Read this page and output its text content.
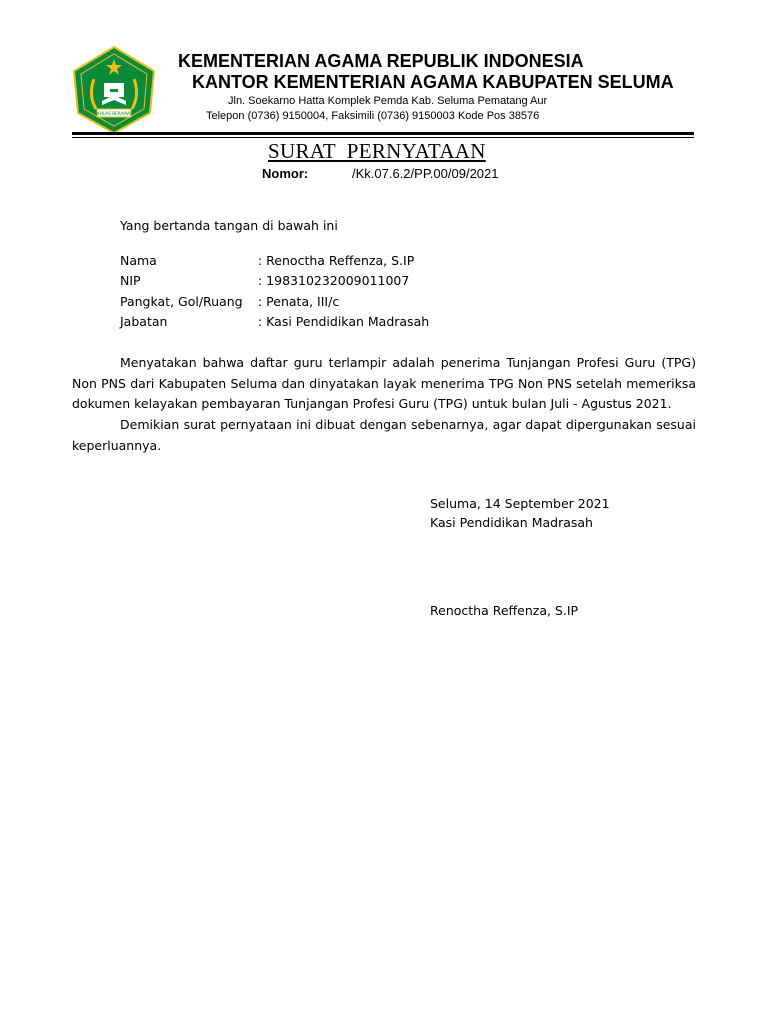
IKHLAS BERAMAL
KEMENTERIAN AGAMA REPUBLIK INDONESIA
KANTOR KEMENTERIAN AGAMA KABUPATEN SELUMA
Jln. Soekarno Hatta Komplek Pemda Kab. Seluma Pematang Aur
Telepon (0736) 9150004, Faksimili (0736) 9150003 Kode Pos 38576
SURAT  PERNYATAAN
Nomor:	/Kk.07.6.2/PP.00/09/2021
Yang bertanda tangan di bawah ini
Nama	: Renoctha Reffenza, S.IP
NIP	: 198310232009011007
Pangkat, Gol/Ruang : Penata, III/c
Jabatan	: Kasi Pendidikan Madrasah

Menyatakan bahwa daftar guru terlampir adalah penerima Tunjangan Profesi Guru (TPG) Non PNS dari Kabupaten Seluma dan dinyatakan layak menerima TPG Non PNS setelah memeriksa dokumen kelayakan pembayaran Tunjangan Profesi Guru (TPG) untuk bulan Juli - Agustus 2021.

Demikian surat pernyataan ini dibuat dengan sebenarnya, agar dapat dipergunakan sesuai keperluannya.

Seluma, 14 September 2021
Kasi Pendidikan Madrasah
Renoctha Reffenza, S.IP
